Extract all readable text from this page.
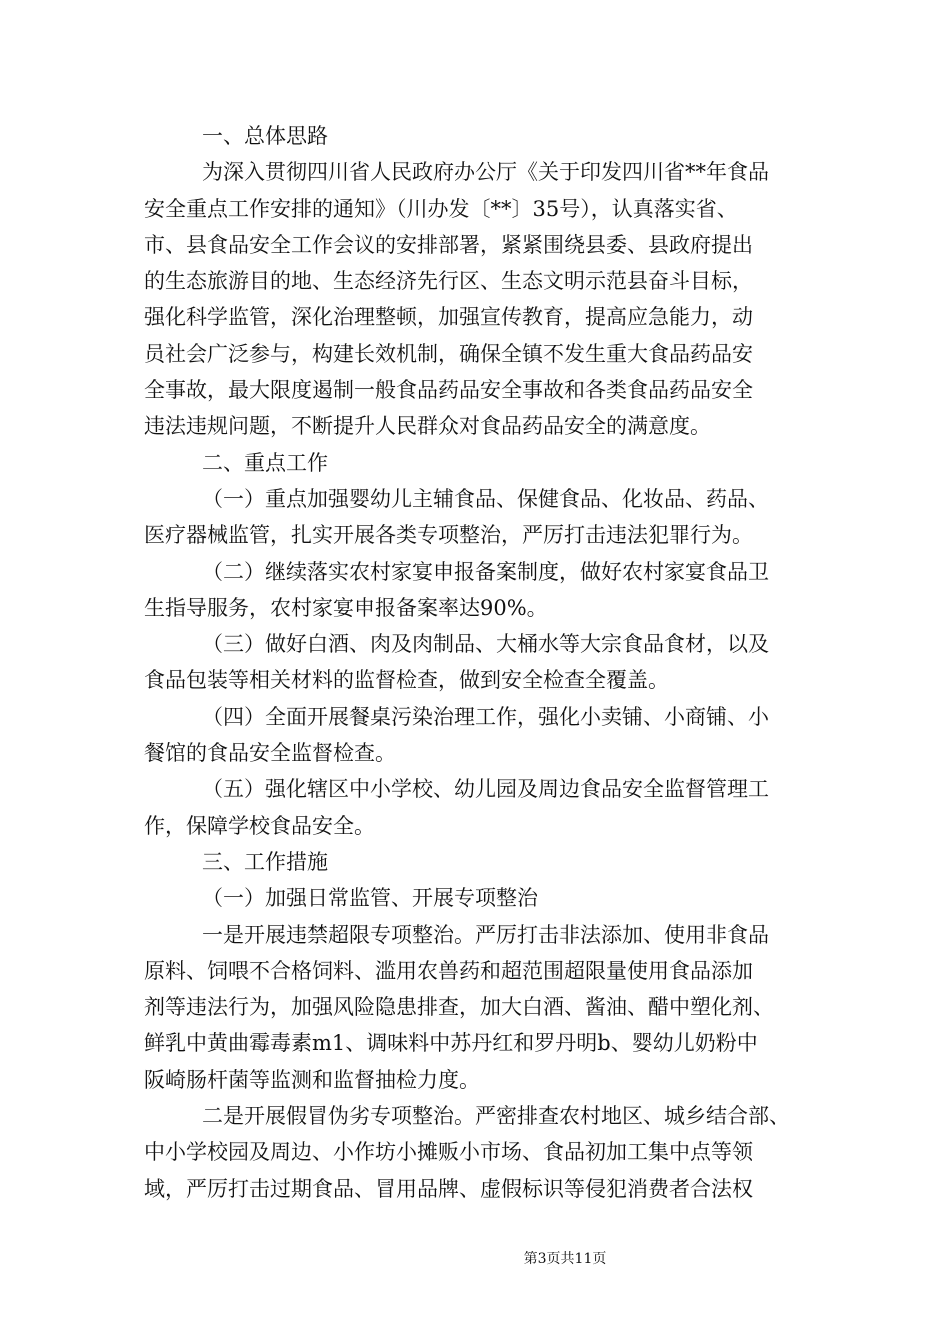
一、总体思路
为深入贯彻四川省人民政府办公厅《关于印发四川省**年食品
安全重点工作安排的通知》（川办发〔**〕35号），认真落实省、
市、县食品安全工作会议的安排部署，紧紧围绕县委、县政府提出
的生态旅游目的地、生态经济先行区、生态文明示范县奋斗目标，
强化科学监管，深化治理整顿，加强宣传教育，提高应急能力，动
员社会广泛参与，构建长效机制，确保全镇不发生重大食品药品安
全事故，最大限度遏制一般食品药品安全事故和各类食品药品安全
违法违规问题，不断提升人民群众对食品药品安全的满意度。
二、重点工作
（一）重点加强婴幼儿主辅食品、保健食品、化妆品、药品、
医疗器械监管，扎实开展各类专项整治，严厉打击违法犯罪行为。
（二）继续落实农村家宴申报备案制度，做好农村家宴食品卫
生指导服务，农村家宴申报备案率达90%。
（三）做好白酒、肉及肉制品、大桶水等大宗食品食材，以及
食品包装等相关材料的监督检查，做到安全检查全覆盖。
（四）全面开展餐桌污染治理工作，强化小卖铺、小商铺、小
餐馆的食品安全监督检查。
（五）强化辖区中小学校、幼儿园及周边食品安全监督管理工
作，保障学校食品安全。
三、工作措施
（一）加强日常监管、开展专项整治
一是开展违禁超限专项整治。严厉打击非法添加、使用非食品
原料、饲喂不合格饲料、滥用农兽药和超范围超限量使用食品添加
剂等违法行为，加强风险隐患排查，加大白酒、酱油、醋中塑化剂、
鲜乳中黄曲霉毒素m1、调味料中苏丹红和罗丹明b、婴幼儿奶粉中
阪崎肠杆菌等监测和监督抽检力度。
二是开展假冒伪劣专项整治。严密排查农村地区、城乡结合部、
中小学校园及周边、小作坊小摊贩小市场、食品初加工集中点等领
域，严厉打击过期食品、冒用品牌、虚假标识等侵犯消费者合法权
第3页共11页
